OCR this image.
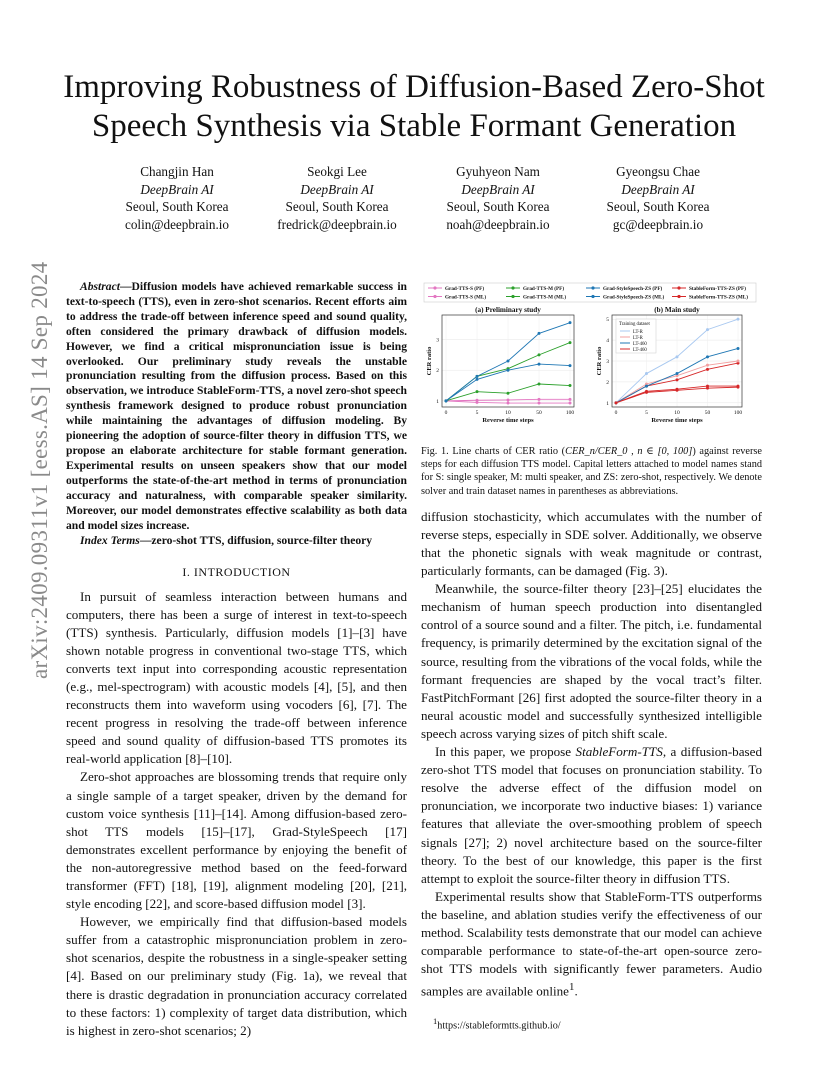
arXiv:2409.09311v1 [eess.AS] 14 Sep 2024
Improving Robustness of Diffusion-Based Zero-Shot
Speech Synthesis via Stable Formant Generation
Changjin Han
DeepBrain AI
Seoul, South Korea
colin@deepbrain.io
Seokgi Lee
DeepBrain AI
Seoul, South Korea
fredrick@deepbrain.io
Gyuhyeon Nam
DeepBrain AI
Seoul, South Korea
noah@deepbrain.io
Gyeongsu Chae
DeepBrain AI
Seoul, South Korea
gc@deepbrain.io

Abstract—Diffusion models have achieved remarkable success in text-to-speech (TTS), even in zero-shot scenarios. Recent efforts aim to address the trade-off between inference speed and sound quality, often considered the primary drawback of diffusion models. However, we find a critical mispronunciation issue is being overlooked. Our preliminary study reveals the unstable pronunciation resulting from the diffusion process. Based on this observation, we introduce StableForm-TTS, a novel zero-shot speech synthesis framework designed to produce robust pronunciation while maintaining the advantages of diffusion modeling. By pioneering the adoption of source-filter theory in diffusion TTS, we propose an elaborate architecture for stable formant generation. Experimental results on unseen speakers show that our model outperforms the state-of-the-art method in terms of pronunciation accuracy and naturalness, with comparable speaker similarity. Moreover, our model demonstrates effective scalability as both data and model sizes increase.

Index Terms—zero-shot TTS, diffusion, source-filter theory

I. INTRODUCTION

In pursuit of seamless interaction between humans and computers, there has been a surge of interest in text-to-speech (TTS) synthesis. Particularly, diffusion models [1]–[3] have shown notable progress in conventional two-stage TTS, which converts text input into corresponding acoustic representation (e.g., mel-spectrogram) with acoustic models [4], [5], and then reconstructs them into waveform using vocoders [6], [7]. The recent progress in resolving the trade-off between inference speed and sound quality of diffusion-based TTS promotes its real-world application [8]–[10].

Zero-shot approaches are blossoming trends that require only a single sample of a target speaker, driven by the demand for custom voice synthesis [11]–[14]. Among diffusion-based zero-shot TTS models [15]–[17], Grad-StyleSpeech [17] demonstrates excellent performance by enjoying the benefit of the non-autoregressive method based on the feed-forward transformer (FFT) [18], [19], alignment modeling [20], [21], style encoding [22], and score-based diffusion model [3].

However, we empirically find that diffusion-based models suffer from a catastrophic mispronunciation problem in zero-shot scenarios, despite the robustness in a single-speaker setting [4]. Based on our preliminary study (Fig. 1a), we reveal that there is drastic degradation in pronunciation accuracy correlated to these factors: 1) complexity of target data distribution, which is highest in zero-shot scenarios; 2)

Grad-TTS-S (PF)	Grad-TTS-M (PF)	Grad-StyleSpeech-ZS (PF)	StableForm-TTS-ZS (PF)
Grad-TTS-S (ML)	Grad-TTS-M (ML)	Grad-StyleSpeech-ZS (ML)	StableForm-TTS-ZS (ML)
(a) Preliminary study
1
2
3
0	5	10	50	100
Reverse time steps
CER ratio
(b) Main study
1
2
3
4
5
0	5	10	50	100
Reverse time steps
CER ratio
Training dataset
LT-R
LT-R
LT-460
LT-460
Fig. 1. Line charts of CER ratio (CER_n/CER_0 , n ∈ [0, 100]) against reverse steps for each diffusion TTS model. Capital letters attached to model names stand for S: single speaker, M: multi speaker, and ZS: zero-shot, respectively. We denote solver and train dataset names in parentheses as abbreviations.

diffusion stochasticity, which accumulates with the number of reverse steps, especially in SDE solver. Additionally, we observe that the phonetic signals with weak magnitude or contrast, particularly formants, can be damaged (Fig. 3).

Meanwhile, the source-filter theory [23]–[25] elucidates the mechanism of human speech production into disentangled control of a source sound and a filter. The pitch, i.e. fundamental frequency, is primarily determined by the excitation signal of the source, resulting from the vibrations of the vocal folds, while the formant frequencies are shaped by the vocal tract’s filter. FastPitchFormant [26] first adopted the source-filter theory in a neural acoustic model and successfully synthesized intelligible speech across varying sizes of pitch shift scale.

In this paper, we propose StableForm-TTS, a diffusion-based zero-shot TTS model that focuses on pronunciation stability. To resolve the adverse effect of the diffusion model on pronunciation, we incorporate two inductive biases: 1) variance features that alleviate the over-smoothing problem of speech signals [27]; 2) novel architecture based on the source-filter theory. To the best of our knowledge, this paper is the first attempt to exploit the source-filter theory in diffusion TTS.

Experimental results show that StableForm-TTS outperforms the baseline, and ablation studies verify the effectiveness of our method. Scalability tests demonstrate that our model can achieve comparable performance to state-of-the-art open-source zero-shot TTS models with significantly fewer parameters. Audio samples are available online$^1$.

$^1$https://stableformtts.github.io/
